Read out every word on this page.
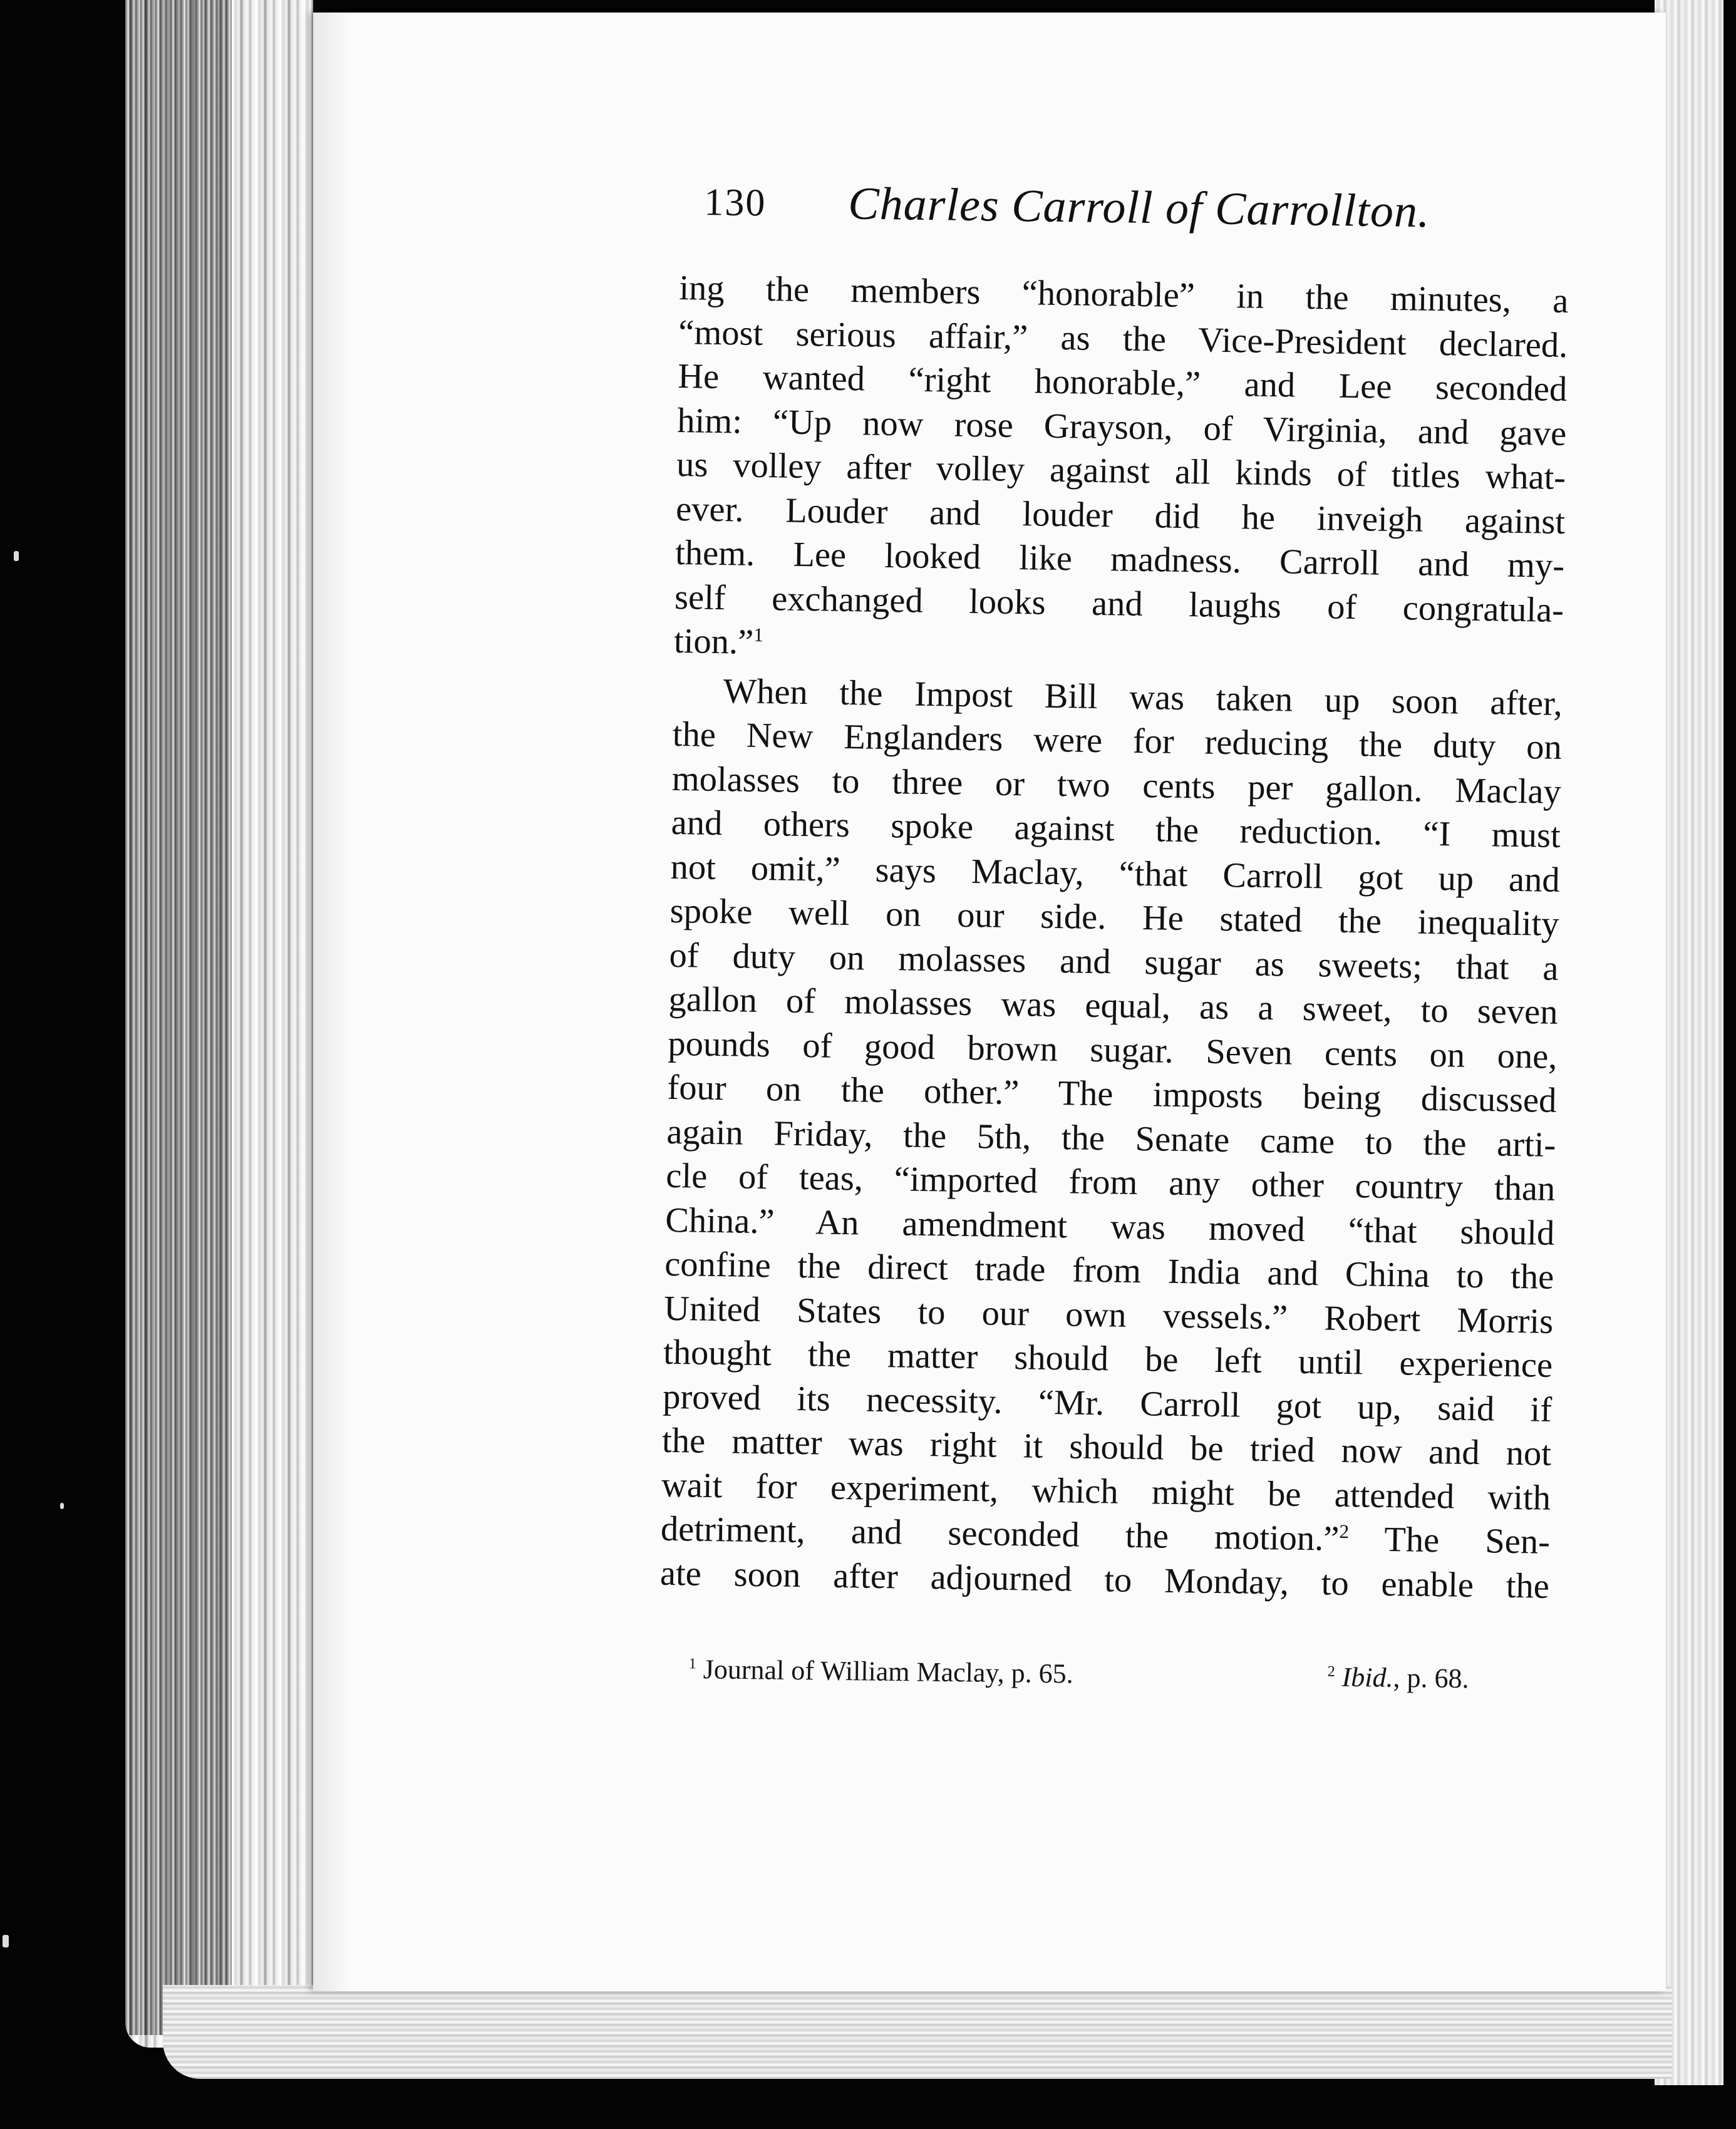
130 Charles Carroll of Carrollton.
ing the members “honorable” in the minutes, a
“most serious affair,” as the Vice-President declared.
He wanted “right honorable,” and Lee seconded
him: “Up now rose Grayson, of Virginia, and gave
us volley after volley against all kinds of titles what-
ever. Louder and louder did he inveigh against
them. Lee looked like madness. Carroll and my-
self exchanged looks and laughs of congratula-
tion.”$^1$
When the Impost Bill was taken up soon after,
the New Englanders were for reducing the duty on
molasses to three or two cents per gallon. Maclay
and others spoke against the reduction. “I must
not omit,” says Maclay, “that Carroll got up and
spoke well on our side. He stated the inequality
of duty on molasses and sugar as sweets; that a
gallon of molasses was equal, as a sweet, to seven
pounds of good brown sugar. Seven cents on one,
four on the other.” The imposts being discussed
again Friday, the 5th, the Senate came to the arti-
cle of teas, “imported from any other country than
China.” An amendment was moved “that should
confine the direct trade from India and China to the
United States to our own vessels.” Robert Morris
thought the matter should be left until experience
proved its necessity. “Mr. Carroll got up, said if
the matter was right it should be tried now and not
wait for experiment, which might be attended with
detriment, and seconded the motion.”$^2$  The Sen-
ate soon after adjourned to Monday, to enable the
$^1$ Journal of William Maclay, p. 65.	$^2$ Ibid., p. 68.
